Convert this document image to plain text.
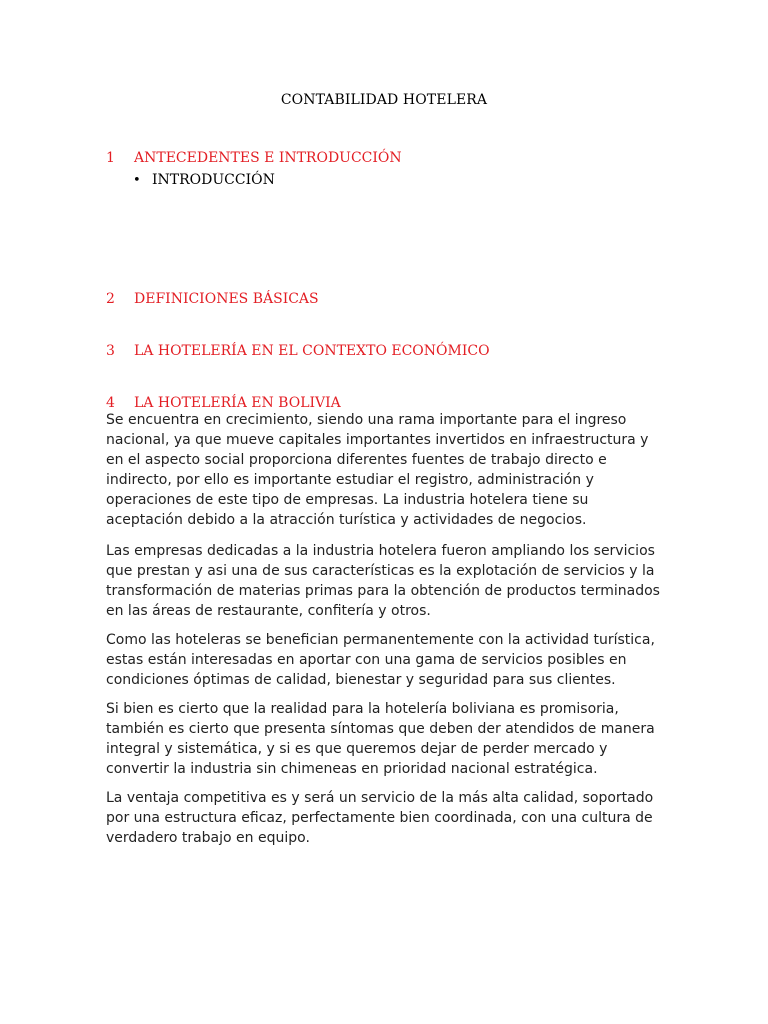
CONTABILIDAD HOTELERA
1 ANTECEDENTES E INTRODUCCIÓN
• INTRODUCCIÓN
2 DEFINICIONES BÁSICAS
3 LA HOTELERÍA EN EL CONTEXTO ECONÓMICO
4 LA HOTELERÍA EN BOLIVIA

Se encuentra en crecimiento, siendo una rama importante para el ingreso
nacional, ya que mueve capitales importantes invertidos en infraestructura y
en el aspecto social proporciona diferentes fuentes de trabajo directo e
indirecto, por ello es importante estudiar el registro, administración y
operaciones de este tipo de empresas. La industria hotelera tiene su
aceptación debido a la atracción turística y actividades de negocios.

Las empresas dedicadas a la industria hotelera fueron ampliando los servicios
que prestan y asi una de sus características es la explotación de servicios y la
transformación de materias primas para la obtención de productos terminados
en las áreas de restaurante, confitería y otros.

Como las hoteleras se benefician permanentemente con la actividad turística,
estas están interesadas en aportar con una gama de servicios posibles en
condiciones óptimas de calidad, bienestar y seguridad para sus clientes.

Si bien es cierto que la realidad para la hotelería boliviana es promisoria,
también es cierto que presenta síntomas que deben der atendidos de manera
integral y sistemática, y si es que queremos dejar de perder mercado y
convertir la industria sin chimeneas en prioridad nacional estratégica.

La ventaja competitiva es y será un servicio de la más alta calidad, soportado
por una estructura eficaz, perfectamente bien coordinada, con una cultura de
verdadero trabajo en equipo.
